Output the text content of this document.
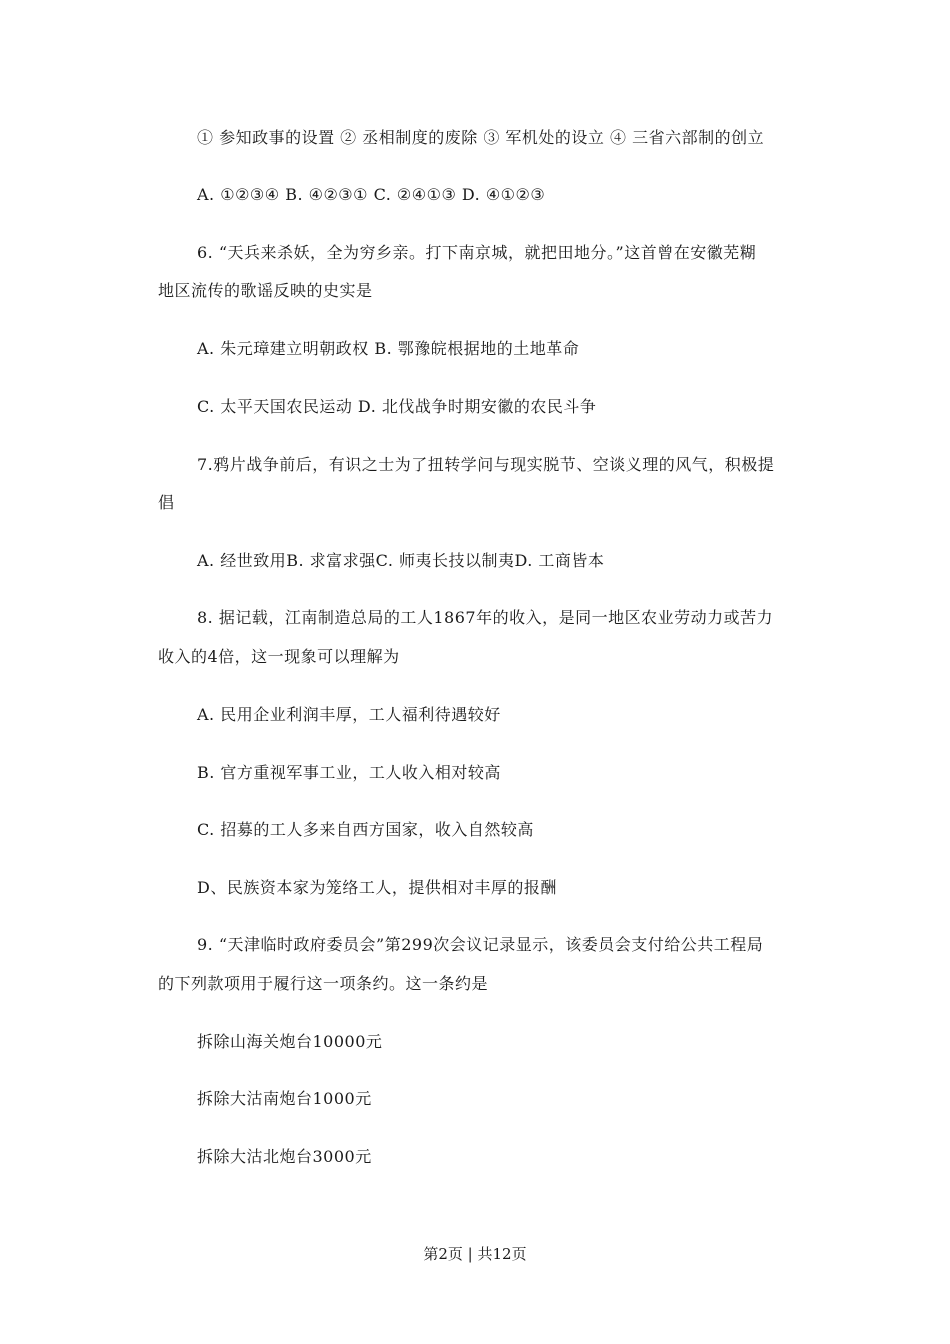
① 参知政事的设置 ② 丞相制度的废除 ③ 军机处的设立 ④ 三省六部制的创立
A. ①②③④ B. ④②③① C. ②④①③ D. ④①②③
6. “天兵来杀妖，全为穷乡亲。打下南京城，就把田地分。”这首曾在安徽芜糊
地区流传的歌谣反映的史实是
A. 朱元璋建立明朝政权 B. 鄂豫皖根据地的土地革命
C. 太平天国农民运动 D. 北伐战争时期安徽的农民斗争
7.鸦片战争前后，有识之士为了扭转学问与现实脱节、空谈义理的风气，积极提
倡
A. 经世致用B. 求富求强C. 师夷长技以制夷D. 工商皆本
8. 据记载，江南制造总局的工人1867年的收入，是同一地区农业劳动力或苦力
收入的4倍，这一现象可以理解为
A. 民用企业利润丰厚，工人福利待遇较好
B. 官方重视军事工业，工人收入相对较高
C. 招募的工人多来自西方国家，收入自然较高
D、民族资本家为笼络工人，提供相对丰厚的报酬
9. “天津临时政府委员会”第299次会议记录显示，该委员会支付给公共工程局
的下列款项用于履行这一项条约。这一条约是
拆除山海关炮台10000元
拆除大沽南炮台1000元
拆除大沽北炮台3000元
第2页 | 共12页
